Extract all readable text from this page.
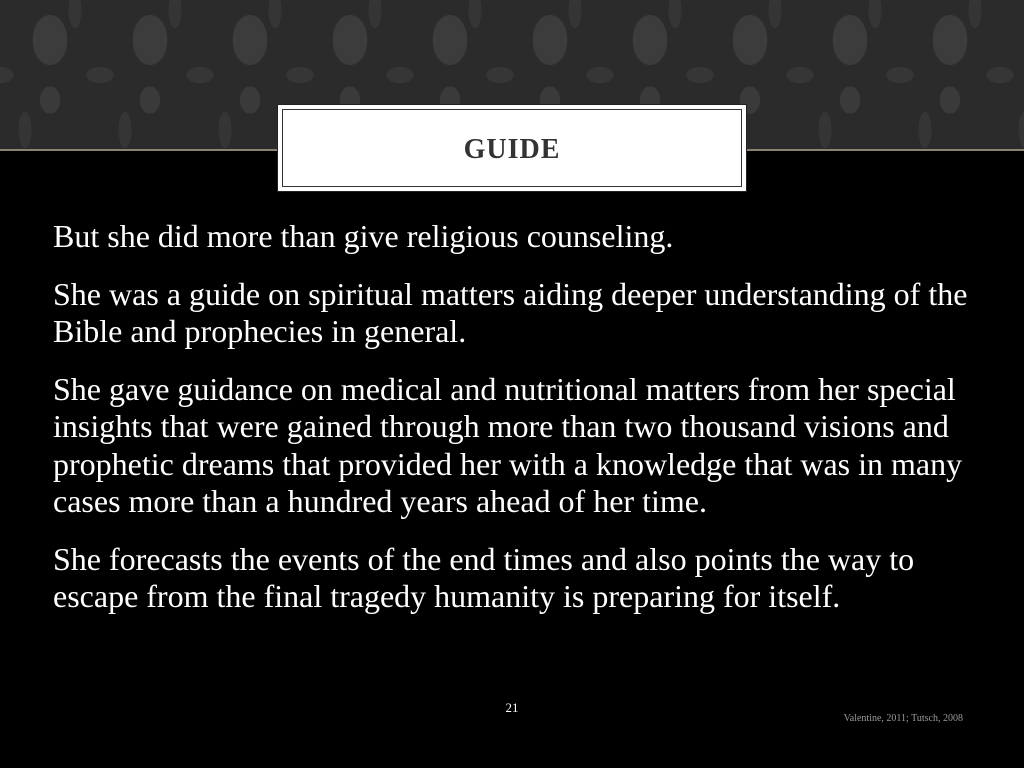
GUIDE

But she did more than give religious counseling.

She was a guide on spiritual matters aiding deeper understanding of the Bible and prophecies in general.

She gave guidance on medical and nutritional matters from her special insights that were gained through more than two thousand visions and prophetic dreams that provided her with a knowledge that was in many cases more than a hundred years ahead of her time.

She forecasts the events of the end times and also points the way to escape from the final tragedy humanity is preparing for itself.

21
Valentine, 2011; Tutsch, 2008
